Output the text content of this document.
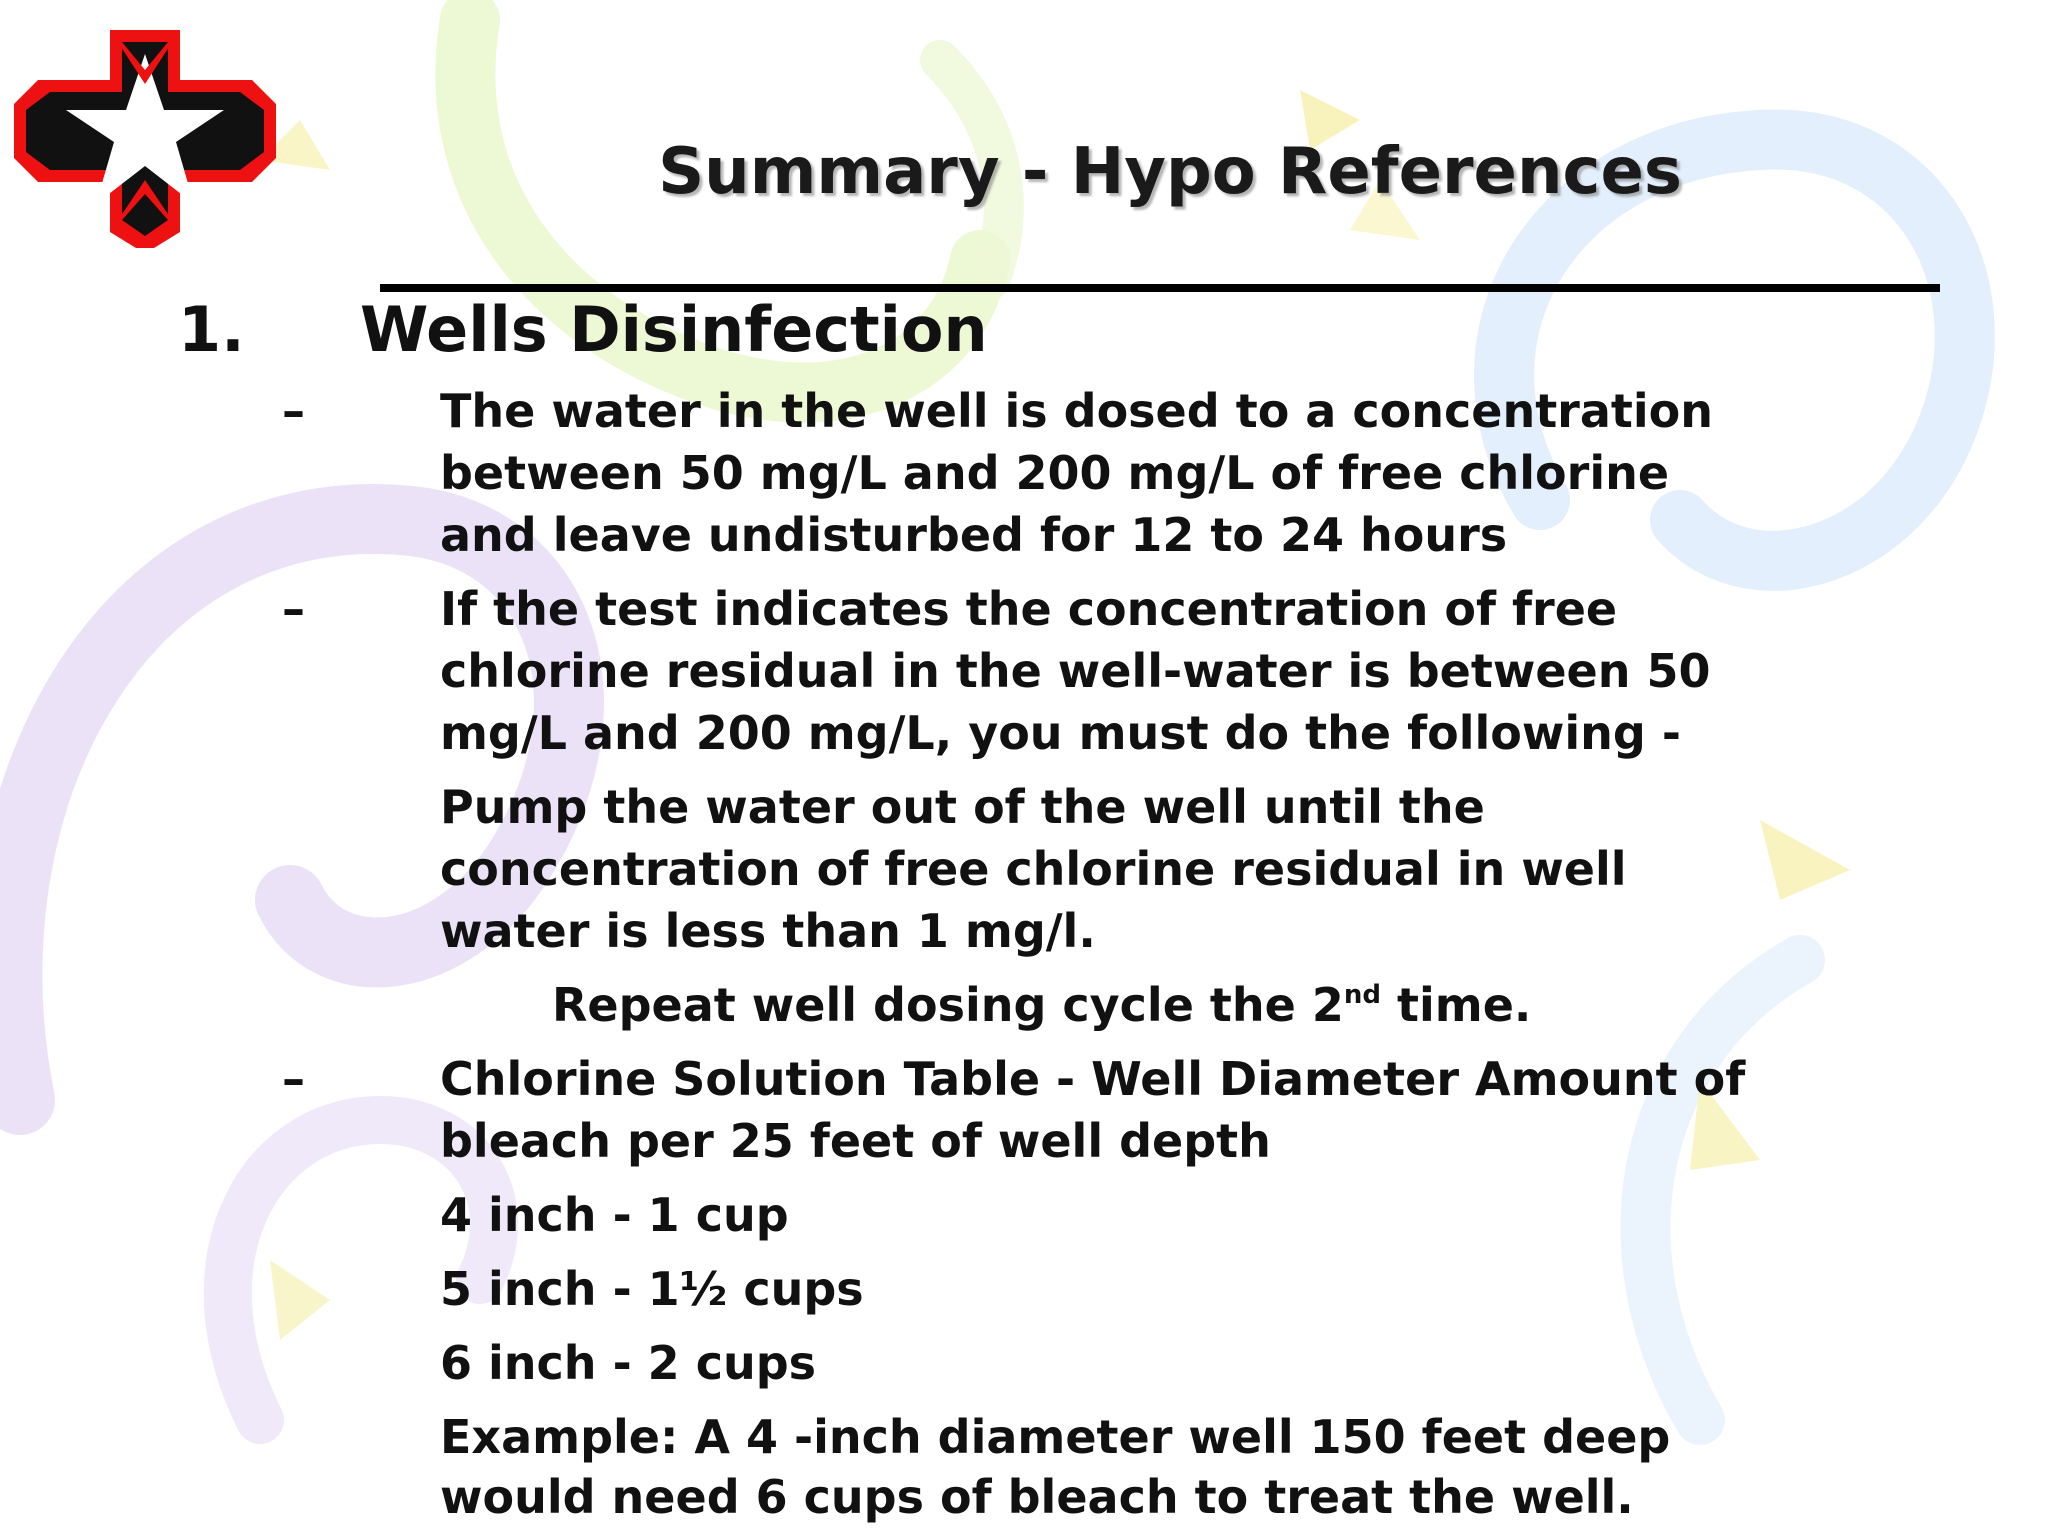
Summary - Hypo References
1. Wells Disinfection
–	The water in the well is dosed to a concentration
between 50 mg/L and 200 mg/L of free chlorine
and leave undisturbed for 12 to 24 hours
–	If the test indicates the concentration of free
chlorine residual in the well-water is between 50
mg/L and 200 mg/L, you must do the following -
Pump the water out of the well until the
concentration of free chlorine residual in well
water is less than 1 mg/l.
Repeat well dosing cycle the 2nd time.
–	Chlorine Solution Table - Well Diameter Amount of
bleach per 25 feet of well depth
4 inch - 1 cup
5 inch - 1½ cups
6 inch - 2 cups
Example: A 4 -inch diameter well 150 feet deep
would need 6 cups of bleach to treat the well.
